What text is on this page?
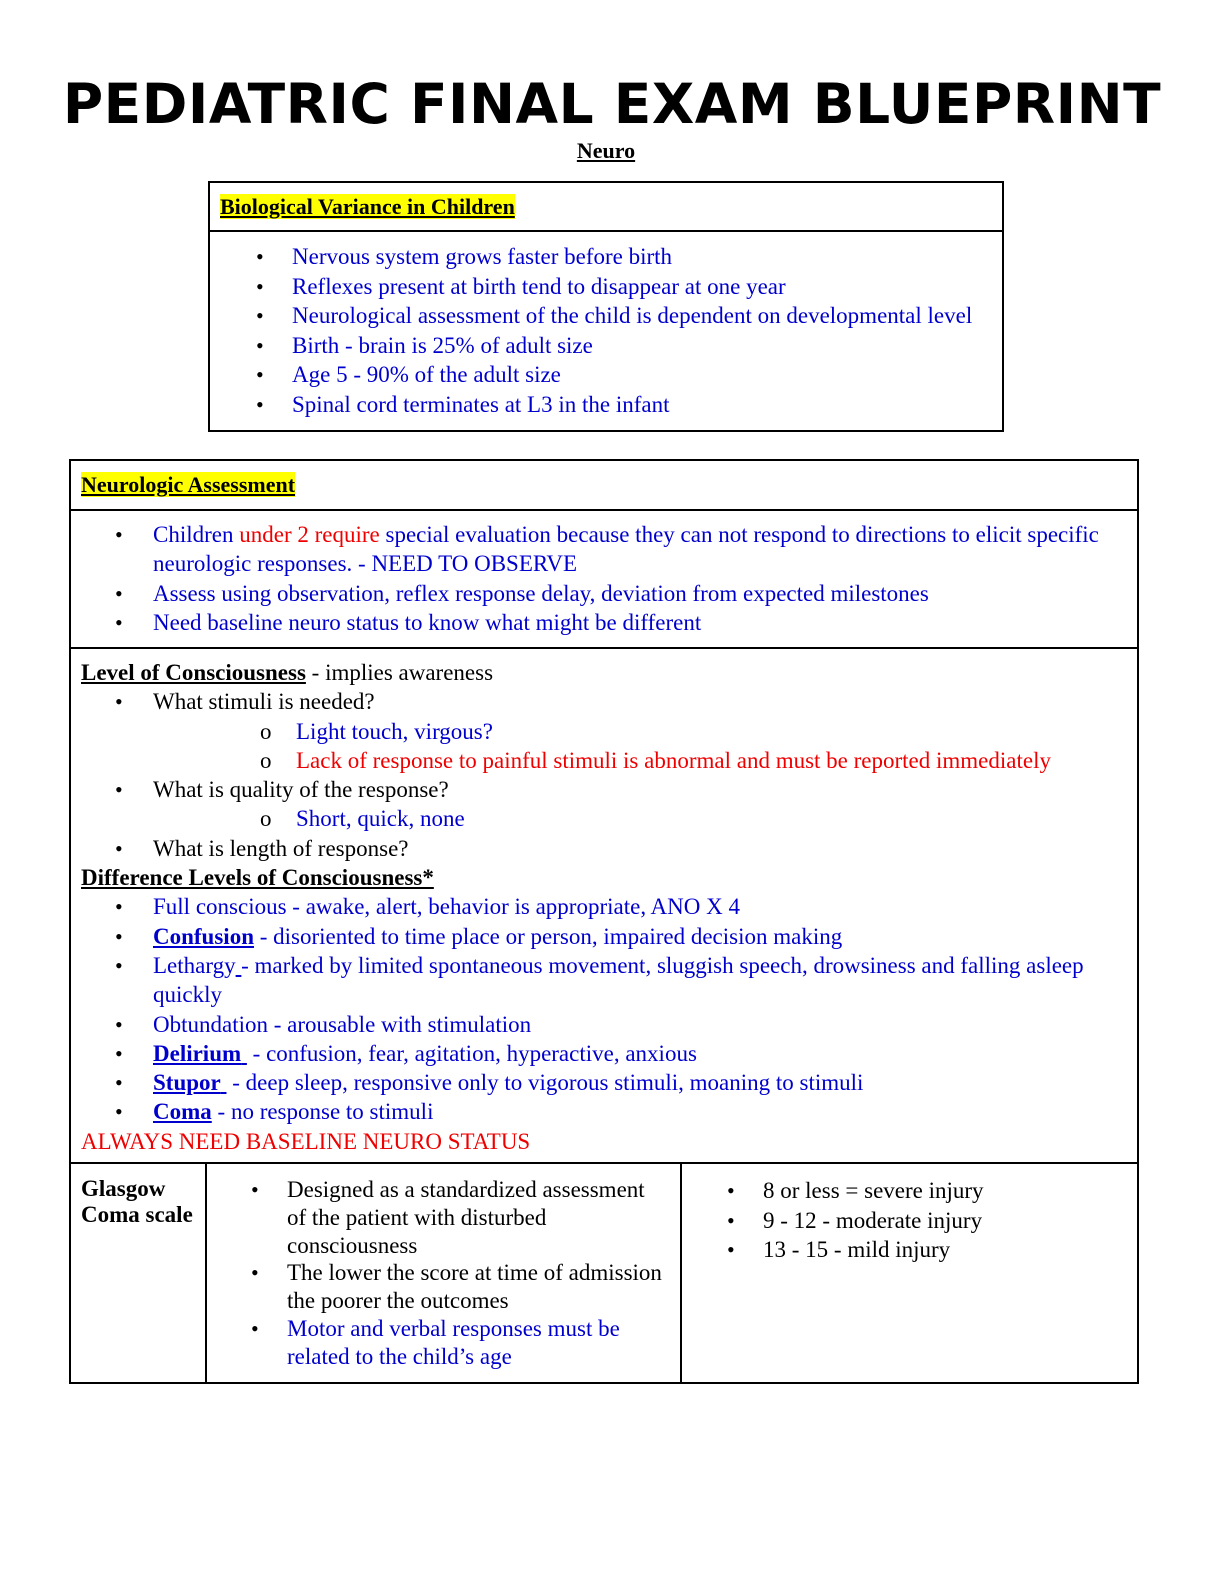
PEDIATRIC FINAL EXAM BLUEPRINT
Neuro
Biological Variance in Children
• Nervous system grows faster before birth
• Reflexes present at birth tend to disappear at one year
• Neurological assessment of the child is dependent on developmental level
• Birth - brain is 25% of adult size
• Age 5 - 90% of the adult size
• Spinal cord terminates at L3 in the infant
Neurologic Assessment
• Children under 2 require special evaluation because they can not respond to directions to elicit specific neurologic responses. - NEED TO OBSERVE
• Assess using observation, reflex response delay, deviation from expected milestones
• Need baseline neuro status to know what might be different
Level of Consciousness - implies awareness
• What stimuli is needed?
o Light touch, virgous?
o Lack of response to painful stimuli is abnormal and must be reported immediately
• What is quality of the response?
o Short, quick, none
• What is length of response?
Difference Levels of Consciousness*
• Full conscious - awake, alert, behavior is appropriate, ANO X 4
• Confusion - disoriented to time place or person, impaired decision making
• Lethargy  - marked by limited spontaneous movement, sluggish speech, drowsiness and falling asleep quickly
• Obtundation - arousable with stimulation
• Delirium  - confusion, fear, agitation, hyperactive, anxious
• Stupor  - deep sleep, responsive only to vigorous stimuli, moaning to stimuli
• Coma - no response to stimuli
ALWAYS NEED BASELINE NEURO STATUS
Glasgow Coma scale
• Designed as a standardized assessment of the patient with disturbed consciousness
• The lower the score at time of admission the poorer the outcomes
• Motor and verbal responses must be related to the child’s age
• 8 or less = severe injury
• 9 - 12 - moderate injury
• 13 - 15 - mild injury
